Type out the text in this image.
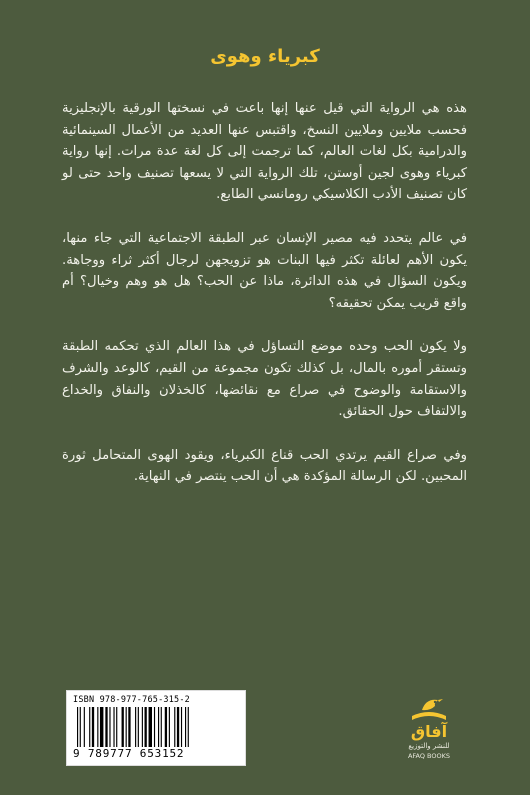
كبرياء وهوى

هذه هي الرواية التي قيل عنها إنها باعت في نسختها الورقية بالإنجليزية فحسب ملايين وملايين النسخ، واقتبس عنها العديد من الأعمال السينمائية والدرامية بكل لغات العالم، كما ترجمت إلى كل لغة عدة مرات. إنها رواية كبرياء وهوى لجين أوستن، تلك الرواية التي لا يسعها تصنيف واحد حتى لو كان تصنيف الأدب الكلاسيكي رومانسي الطابع.

في عالم يتحدد فيه مصير الإنسان عبر الطبقة الاجتماعية التي جاء منها، يكون الأهم لعائلة تكثر فيها البنات هو تزويجهن لرجال أكثر ثراء ووجاهة. ويكون السؤال في هذه الدائرة، ماذا عن الحب؟ هل هو وهم وخيال؟ أم واقع قريب يمكن تحقيقه؟

ولا يكون الحب وحده موضع التساؤل في هذا العالم الذي تحكمه الطبقة وتستقر أموره بالمال، بل كذلك تكون مجموعة من القيم، كالوعد والشرف والاستقامة والوضوح في صراع مع نقائضها، كالخذلان والنفاق والخداع والالتفاف حول الحقائق.

وفي صراع القيم يرتدي الحب قناع الكبرياء، ويقود الهوى المتحامل ثورة المحبين. لكن الرسالة المؤكدة هي أن الحب ينتصر في النهاية.

ISBN 978-977-765-315-2
9 789777 653152
آفاق
للنشر والتوزيع
AFAQ BOOKS
